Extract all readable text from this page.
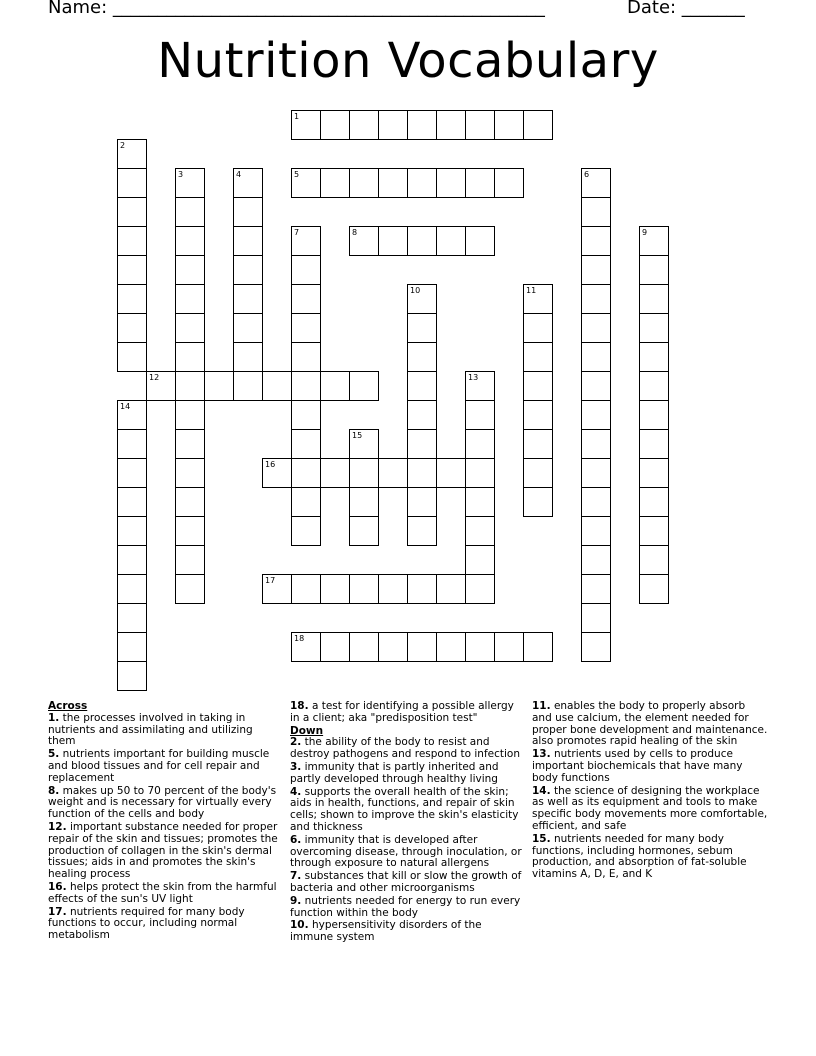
Name: ________________________________________________	Date: _______
Nutrition Vocabulary
1
2
3	4	5	6
7	8	9
10	11
12	13
14
15
16
17
18
Across
1. the processes involved in taking in nutrients and assimilating and utilizing them
5. nutrients important for building muscle and blood tissues and for cell repair and replacement
8. makes up 50 to 70 percent of the body's weight and is necessary for virtually every function of the cells and body
12. important substance needed for proper repair of the skin and tissues; promotes the production of collagen in the skin's dermal tissues; aids in and promotes the skin's healing process
16. helps protect the skin from the harmful effects of the sun's UV light
17. nutrients required for many body functions to occur, including normal metabolism
18. a test for identifying a possible allergy in a client; aka "predisposition test"
Down
2. the ability of the body to resist and destroy pathogens and respond to infection
3. immunity that is partly inherited and partly developed through healthy living
4. supports the overall health of the skin; aids in health, functions, and repair of skin cells; shown to improve the skin's elasticity and thickness
6. immunity that is developed after overcoming disease, through inoculation, or through exposure to natural allergens
7. substances that kill or slow the growth of bacteria and other microorganisms
9. nutrients needed for energy to run every function within the body
10. hypersensitivity disorders of the immune system
11. enables the body to properly absorb and use calcium, the element needed for proper bone development and maintenance. also promotes rapid healing of the skin
13. nutrients used by cells to produce important biochemicals that have many body functions
14. the science of designing the workplace as well as its equipment and tools to make specific body movements more comfortable, efficient, and safe
15. nutrients needed for many body functions, including hormones, sebum production, and absorption of fat-soluble vitamins A, D, E, and K
